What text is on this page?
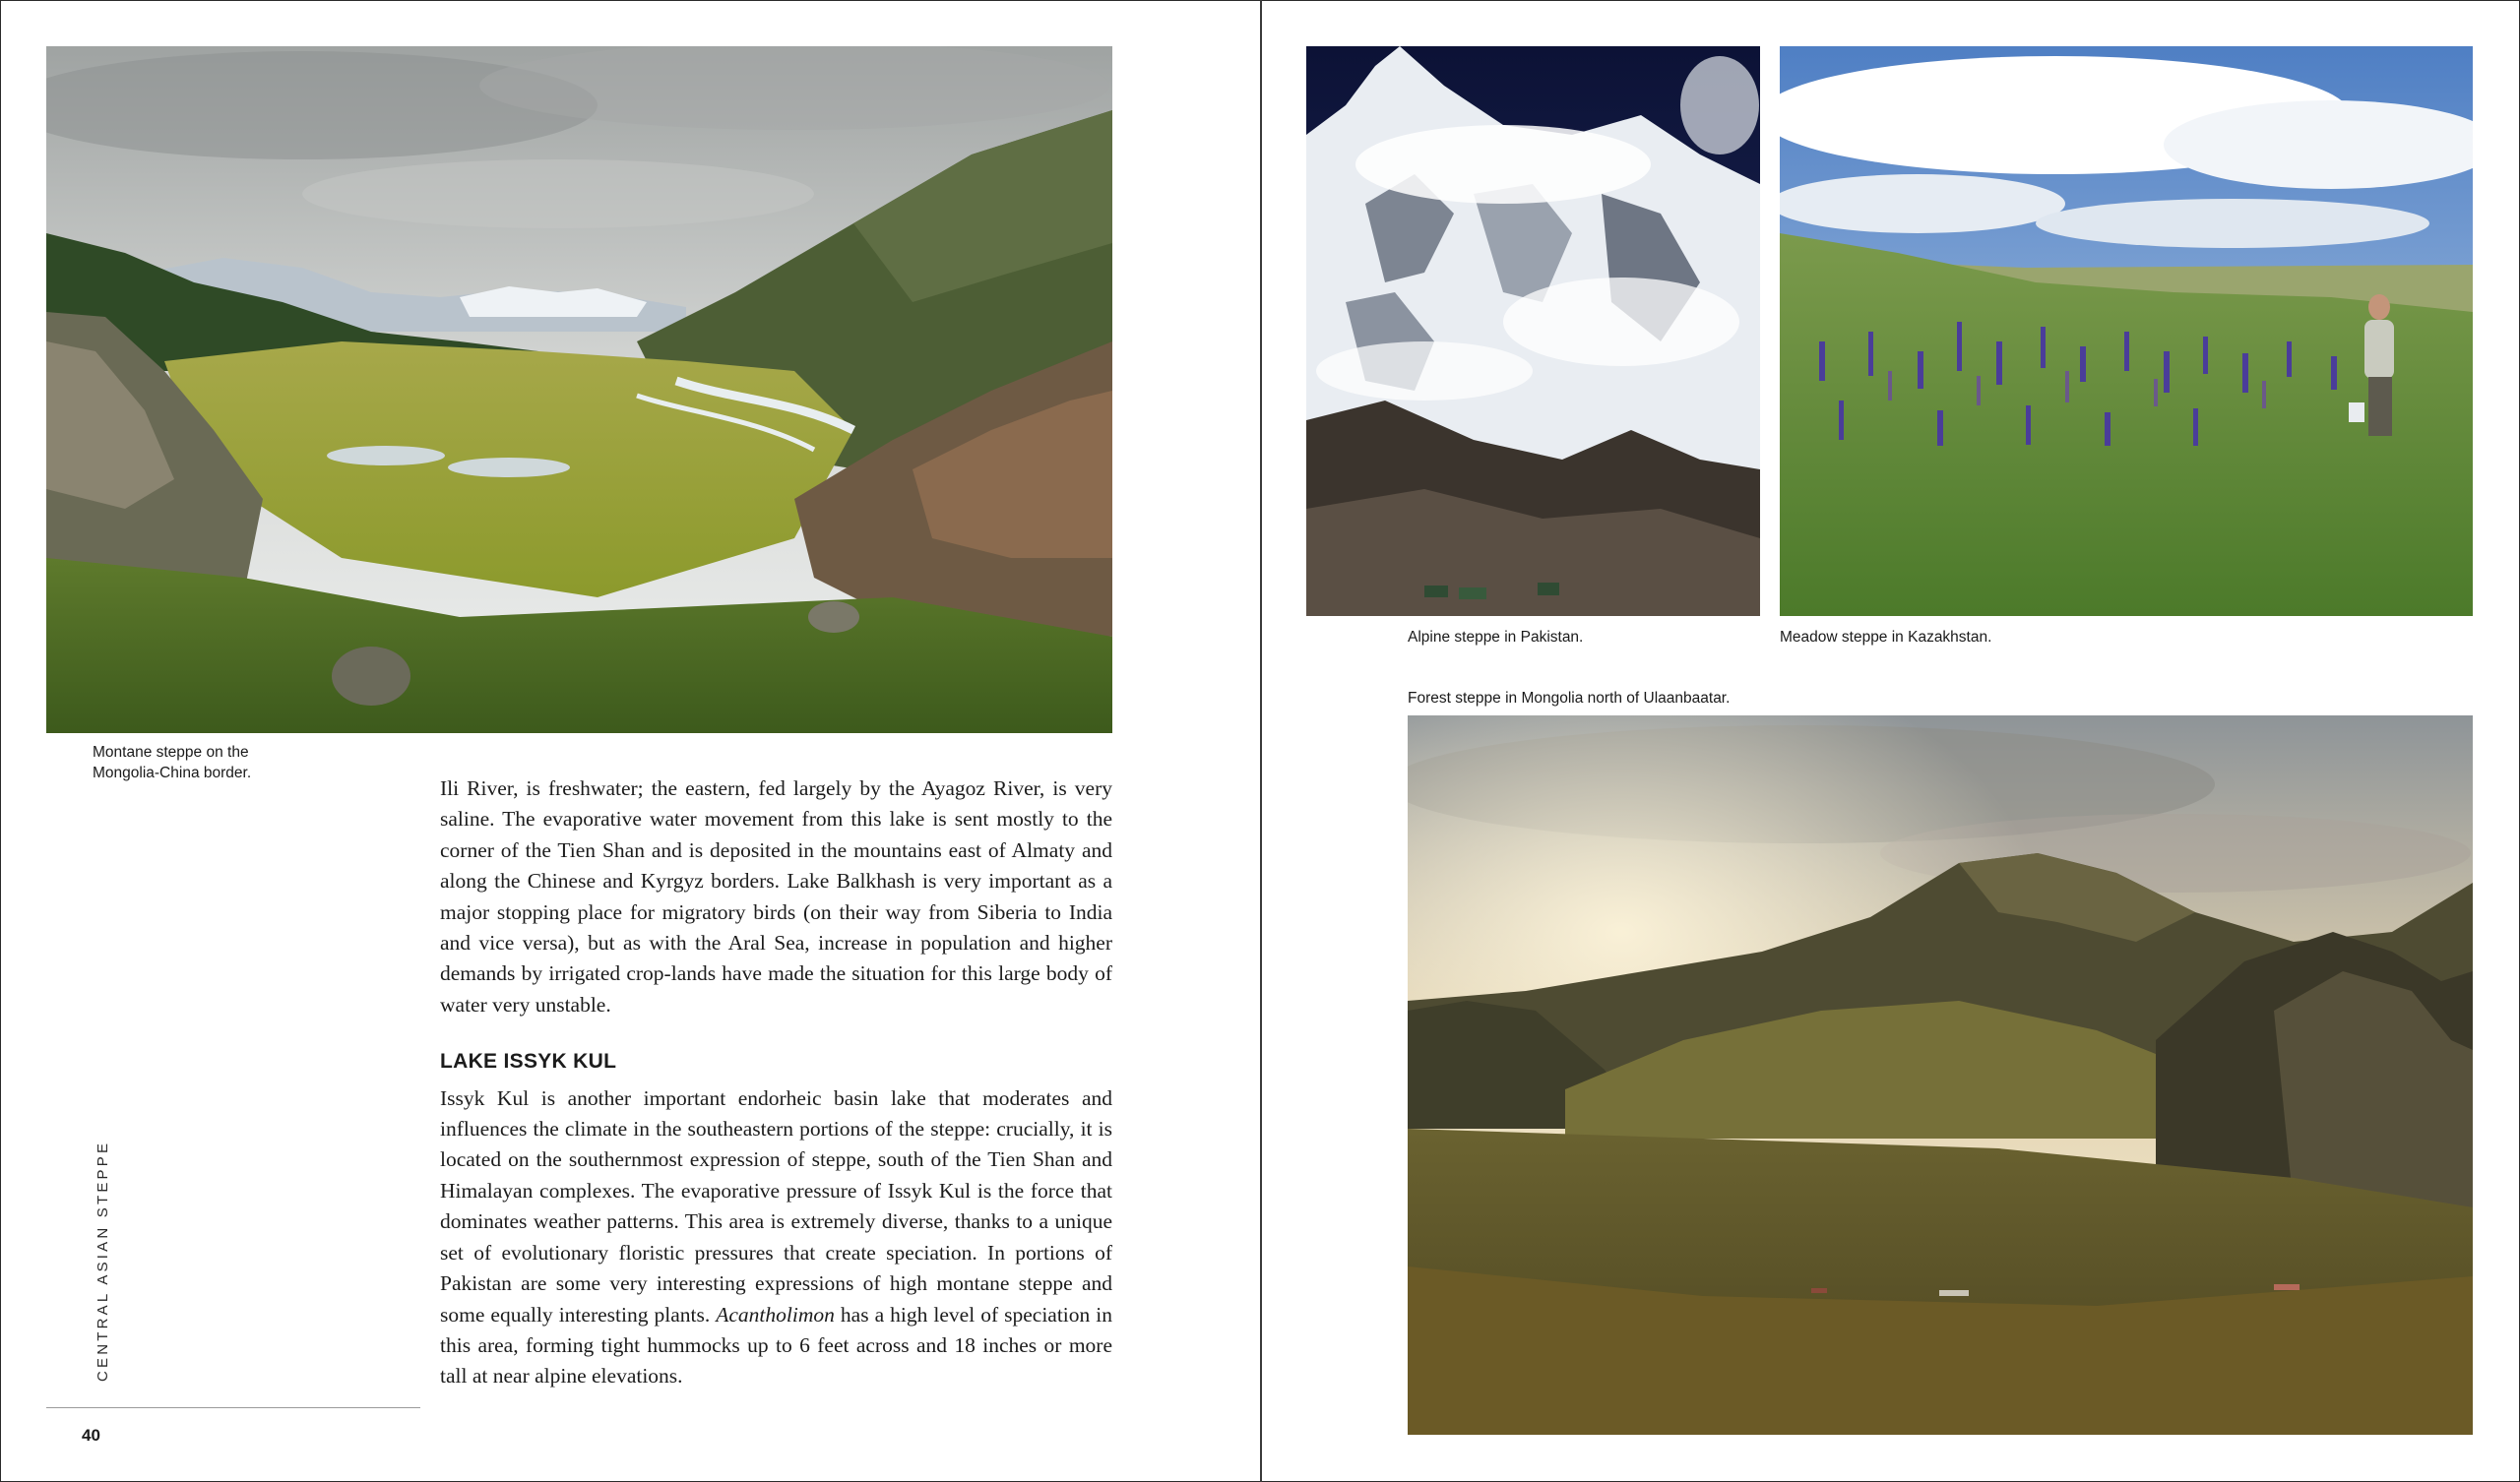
Montane steppe on the
Mongolia-China border.

Ili River, is freshwater; the eastern, fed largely by the Ayagoz River, is very saline. The evaporative water movement from this lake is sent mostly to the corner of the Tien Shan and is deposited in the mountains east of Almaty and along the Chinese and Kyrgyz borders. Lake Balkhash is very important as a major stopping place for migratory birds (on their way from Siberia to India and vice versa), but as with the Aral Sea, increase in population and higher demands by irrigated crop-lands have made the situation for this large body of water very unstable.

LAKE ISSYK KUL

Issyk Kul is another important endorheic basin lake that moderates and influences the climate in the southeastern portions of the steppe: crucially, it is located on the southernmost expression of steppe, south of the Tien Shan and Himalayan complexes. The evaporative pressure of Issyk Kul is the force that dominates weather patterns. This area is extremely diverse, thanks to a unique set of evolutionary floristic pressures that create speciation. In portions of Pakistan are some very interesting expressions of high montane steppe and some equally interesting plants. Acantholimon has a high level of speciation in this area, forming tight hummocks up to 6 feet across and 18 inches or more tall at near alpine elevations.

CENTRAL ASIAN STEPPE
40
Alpine steppe in Pakistan.	Meadow steppe in Kazakhstan.
Forest steppe in Mongolia north of Ulaanbaatar.
